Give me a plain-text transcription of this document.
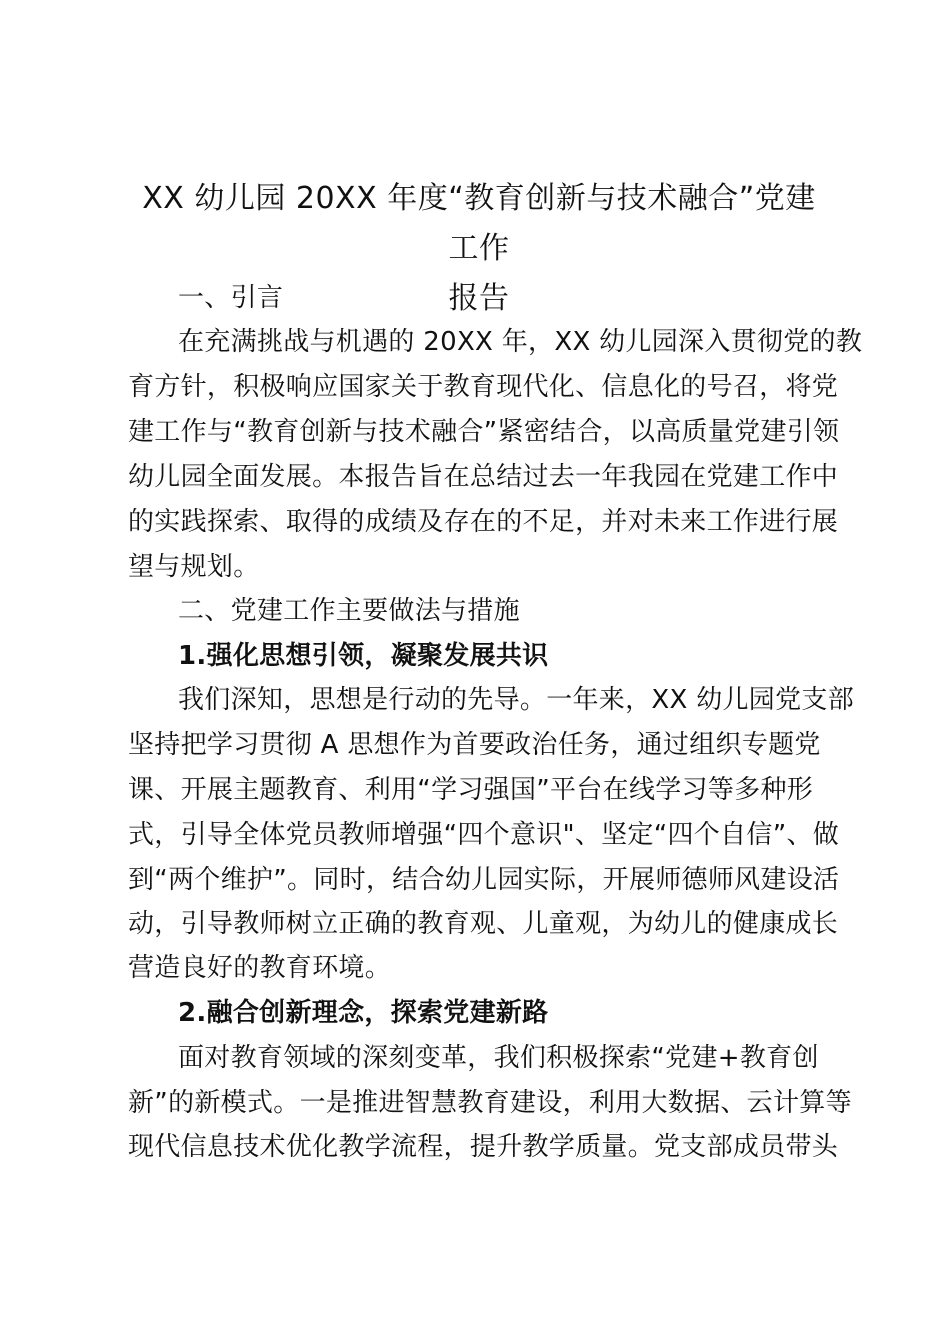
XX 幼儿园 20XX 年度“教育创新与技术融合”党建工作
报告
一、引言
在充满挑战与机遇的 20XX 年，XX 幼儿园深入贯彻党的教
育方针，积极响应国家关于教育现代化、信息化的号召，将党
建工作与“教育创新与技术融合”紧密结合，以高质量党建引领
幼儿园全面发展。本报告旨在总结过去一年我园在党建工作中
的实践探索、取得的成绩及存在的不足，并对未来工作进行展
望与规划。
二、党建工作主要做法与措施
1.强化思想引领，凝聚发展共识
我们深知，思想是行动的先导。一年来，XX 幼儿园党支部
坚持把学习贯彻 A 思想作为首要政治任务，通过组织专题党
课、开展主题教育、利用“学习强国”平台在线学习等多种形
式，引导全体党员教师增强“四个意识"、坚定“四个自信”、做
到“两个维护”。同时，结合幼儿园实际，开展师德师风建设活
动，引导教师树立正确的教育观、儿童观，为幼儿的健康成长
营造良好的教育环境。
2.融合创新理念，探索党建新路
面对教育领域的深刻变革，我们积极探索“党建+教育创
新”的新模式。一是推进智慧教育建设，利用大数据、云计算等
现代信息技术优化教学流程，提升教学质量。党支部成员带头
